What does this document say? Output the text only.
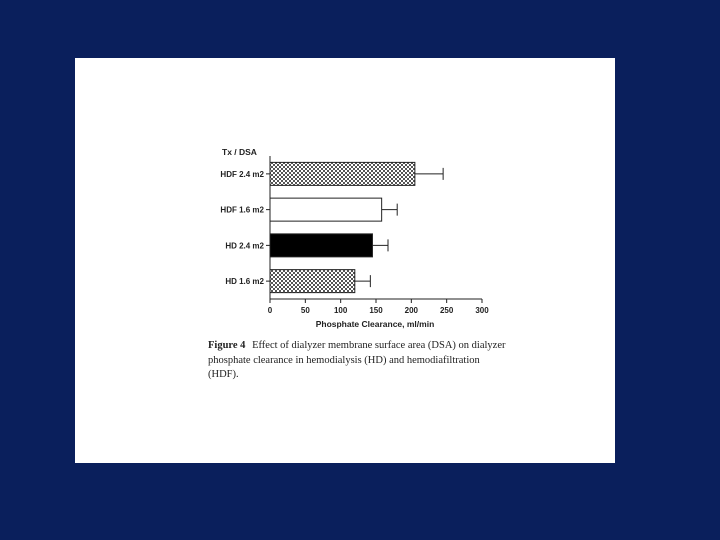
Tx / DSA
0	50	100	150	200	250	300
HDF 2.4 m2
HDF 1.6 m2
HD 2.4 m2
HD 1.6 m2
Phosphate Clearance, ml/min
Figure 4 Effect of dialyzer membrane surface area (DSA) on dialyzer phosphate clearance in hemodialysis (HD) and hemodiafiltration (HDF).
